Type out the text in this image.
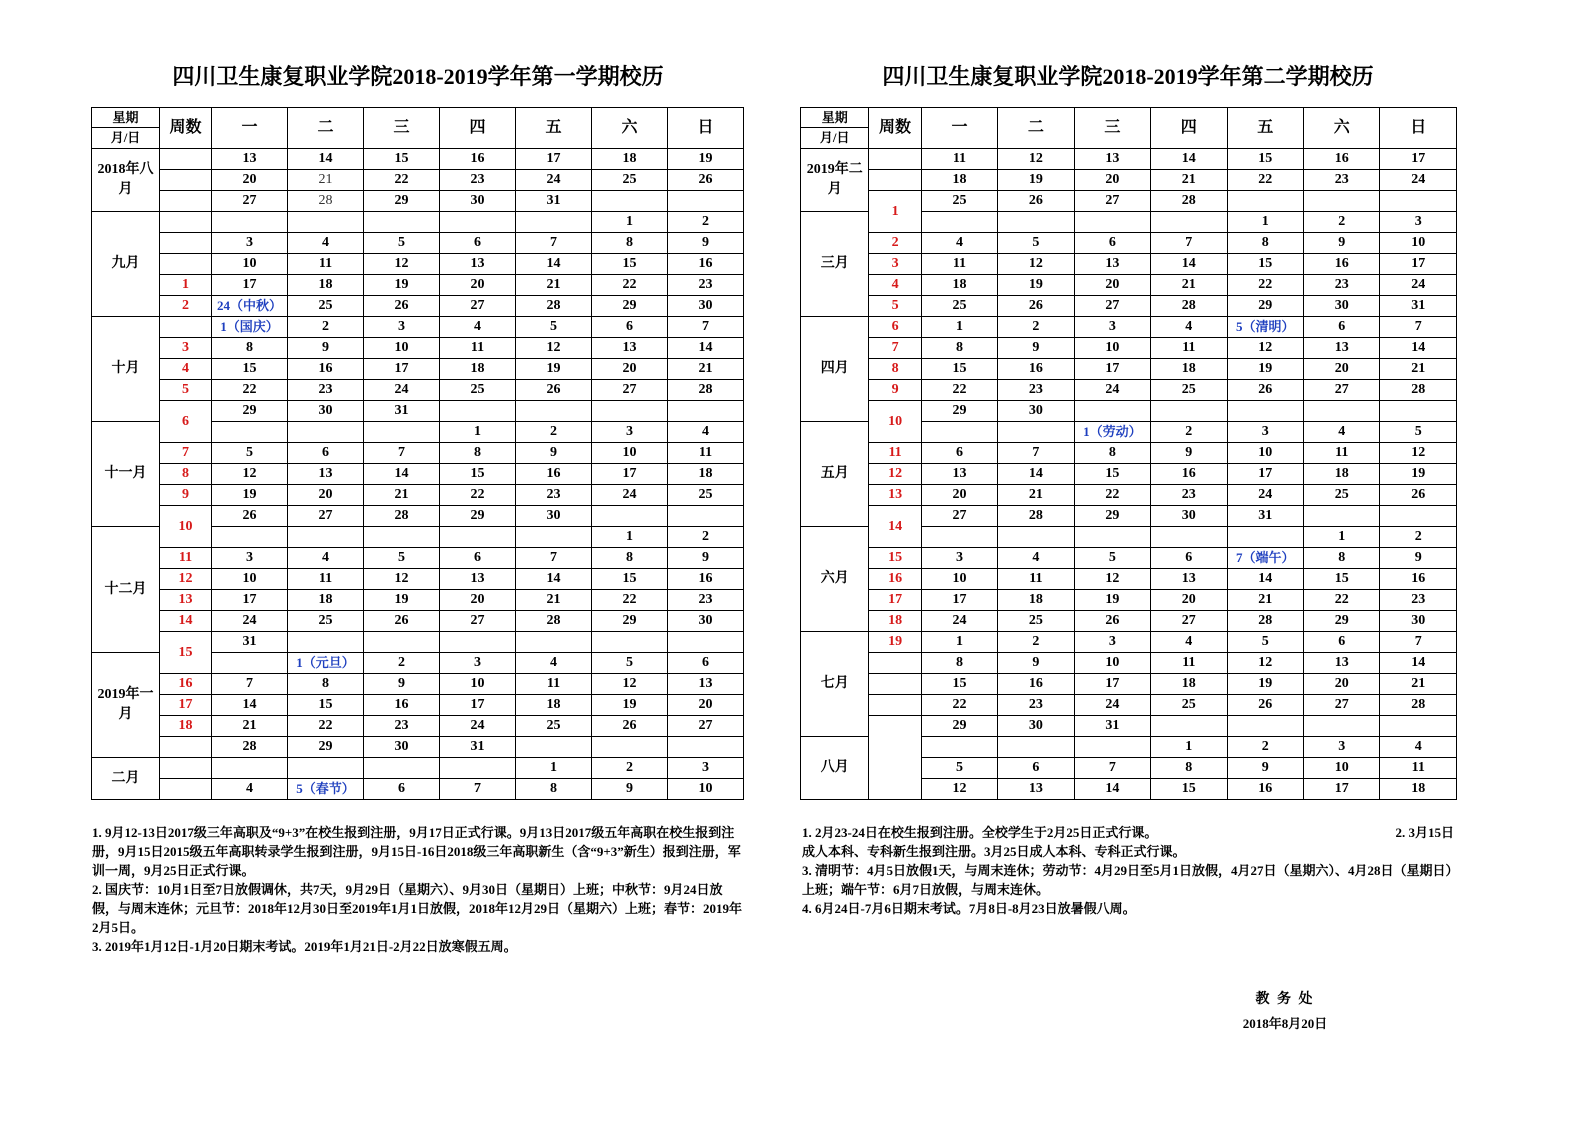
四川卫生康复职业学院2018-2019学年第一学期校历
星期
月/日	周数	一	二	三	四	五	六	日
2018年八月		13	14	15	16	17	18	19
		20	21	22	23	24	25	26
		27	28	29	30	31		
九月							1	2
		3	4	5	6	7	8	9
		10	11	12	13	14	15	16
	1	17	18	19	20	21	22	23
	2	24（中秋）	25	26	27	28	29	30
十月		1（国庆）	2	3	4	5	6	7
	3	8	9	10	11	12	13	14
	4	15	16	17	18	19	20	21
	5	22	23	24	25	26	27	28
	6	29	30	31				
十一月					1	2	3	4
	7	5	6	7	8	9	10	11
	8	12	13	14	15	16	17	18
	9	19	20	21	22	23	24	25
	10	26	27	28	29	30		
十二月							1	2
	11	3	4	5	6	7	8	9
	12	10	11	12	13	14	15	16
	13	17	18	19	20	21	22	23
	14	24	25	26	27	28	29	30
	15	31						
2019年一月			1（元旦）	2	3	4	5	6
	16	7	8	9	10	11	12	13
	17	14	15	16	17	18	19	20
	18	21	22	23	24	25	26	27
		28	29	30	31			
二月						1	2	3
		4	5（春节）	6	7	8	9	10

1. 9月12-13日2017级三年高职及“9+3”在校生报到注册，9月17日正式行课。9月13日2017级五年高职在校生报到注册，9月15日2015级五年高职转录学生报到注册，9月15日-16日2018级三年高职新生（含“9+3”新生）报到注册，军训一周，9月25日正式行课。

2. 国庆节：10月1日至7日放假调休，共7天，9月29日（星期六）、9月30日（星期日）上班；中秋节：9月24日放假，与周末连休；元旦节：2018年12月30日至2019年1月1日放假，2018年12月29日（星期六）上班；春节：2019年2月5日。

3. 2019年1月12日-1月20日期末考试。2019年1月21日-2月22日放寒假五周。

四川卫生康复职业学院2018-2019学年第二学期校历
星期
月/日	周数	一	二	三	四	五	六	日
2019年二月		11	12	13	14	15	16	17
		18	19	20	21	22	23	24
	1	25	26	27	28			
三月						1	2	3
	2	4	5	6	7	8	9	10
	3	11	12	13	14	15	16	17
	4	18	19	20	21	22	23	24
	5	25	26	27	28	29	30	31
四月	6	1	2	3	4	5（清明）	6	7
	7	8	9	10	11	12	13	14
	8	15	16	17	18	19	20	21
	9	22	23	24	25	26	27	28
	10	29	30					
五月				1（劳动）	2	3	4	5
	11	6	7	8	9	10	11	12
	12	13	14	15	16	17	18	19
	13	20	21	22	23	24	25	26
	14	27	28	29	30	31		
六月							1	2
	15	3	4	5	6	7（端午）	8	9
	16	10	11	12	13	14	15	16
	17	17	18	19	20	21	22	23
	18	24	25	26	27	28	29	30
七月	19	1	2	3	4	5	6	7
		8	9	10	11	12	13	14
		15	16	17	18	19	20	21
		22	23	24	25	26	27	28
		29	30	31				
八月					1	2	3	4
		5	6	7	8	9	10	11
		12	13	14	15	16	17	18

1. 2月23-24日在校生报到注册。全校学生于2月25日正式行课。	2. 3月15日

成人本科、专科新生报到注册。3月25日成人本科、专科正式行课。

3. 清明节：4月5日放假1天，与周末连休；劳动节：4月29日至5月1日放假，4月27日（星期六）、4月28日（星期日）上班；端午节：6月7日放假，与周末连休。

4. 6月24日-7月6日期末考试。7月8日-8月23日放暑假八周。

教 务 处
2018年8月20日
